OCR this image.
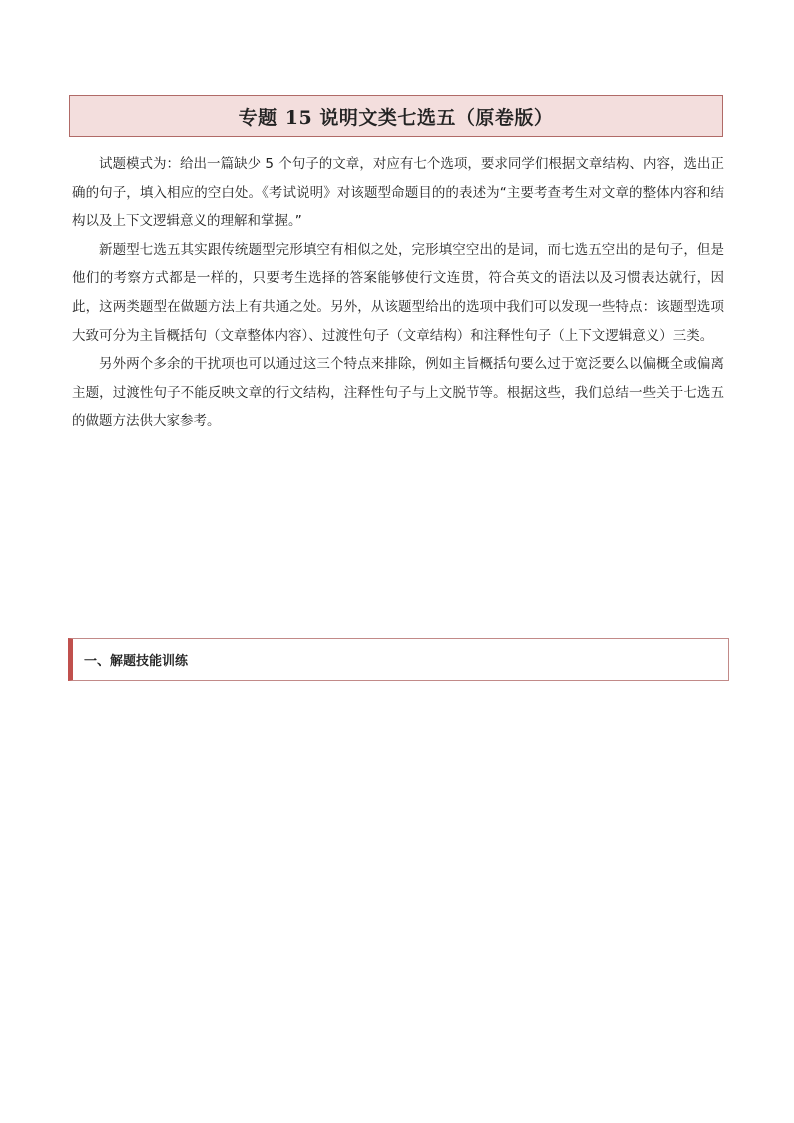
专题 15 说明文类七选五（原卷版）

试题模式为：给出一篇缺少 5 个句子的文章，对应有七个选项，要求同学们根据文章结构、内容，选出正确的句子，填入相应的空白处。《考试说明》对该题型命题目的的表述为“主要考查考生对文章的整体内容和结构以及上下文逻辑意义的理解和掌握。”

新题型七选五其实跟传统题型完形填空有相似之处，完形填空空出的是词，而七选五空出的是句子，但是他们的考察方式都是一样的，只要考生选择的答案能够使行文连贯，符合英文的语法以及习惯表达就行，因此，这两类题型在做题方法上有共通之处。另外，从该题型给出的选项中我们可以发现一些特点：该题型选项大致可分为主旨概括句（文章整体内容）、过渡性句子（文章结构）和注释性句子（上下文逻辑意义）三类。

另外两个多余的干扰项也可以通过这三个特点来排除，例如主旨概括句要么过于宽泛要么以偏概全或偏离主题，过渡性句子不能反映文章的行文结构，注释性句子与上文脱节等。根据这些，我们总结一些关于七选五的做题方法供大家参考。

一、解题技能训练
